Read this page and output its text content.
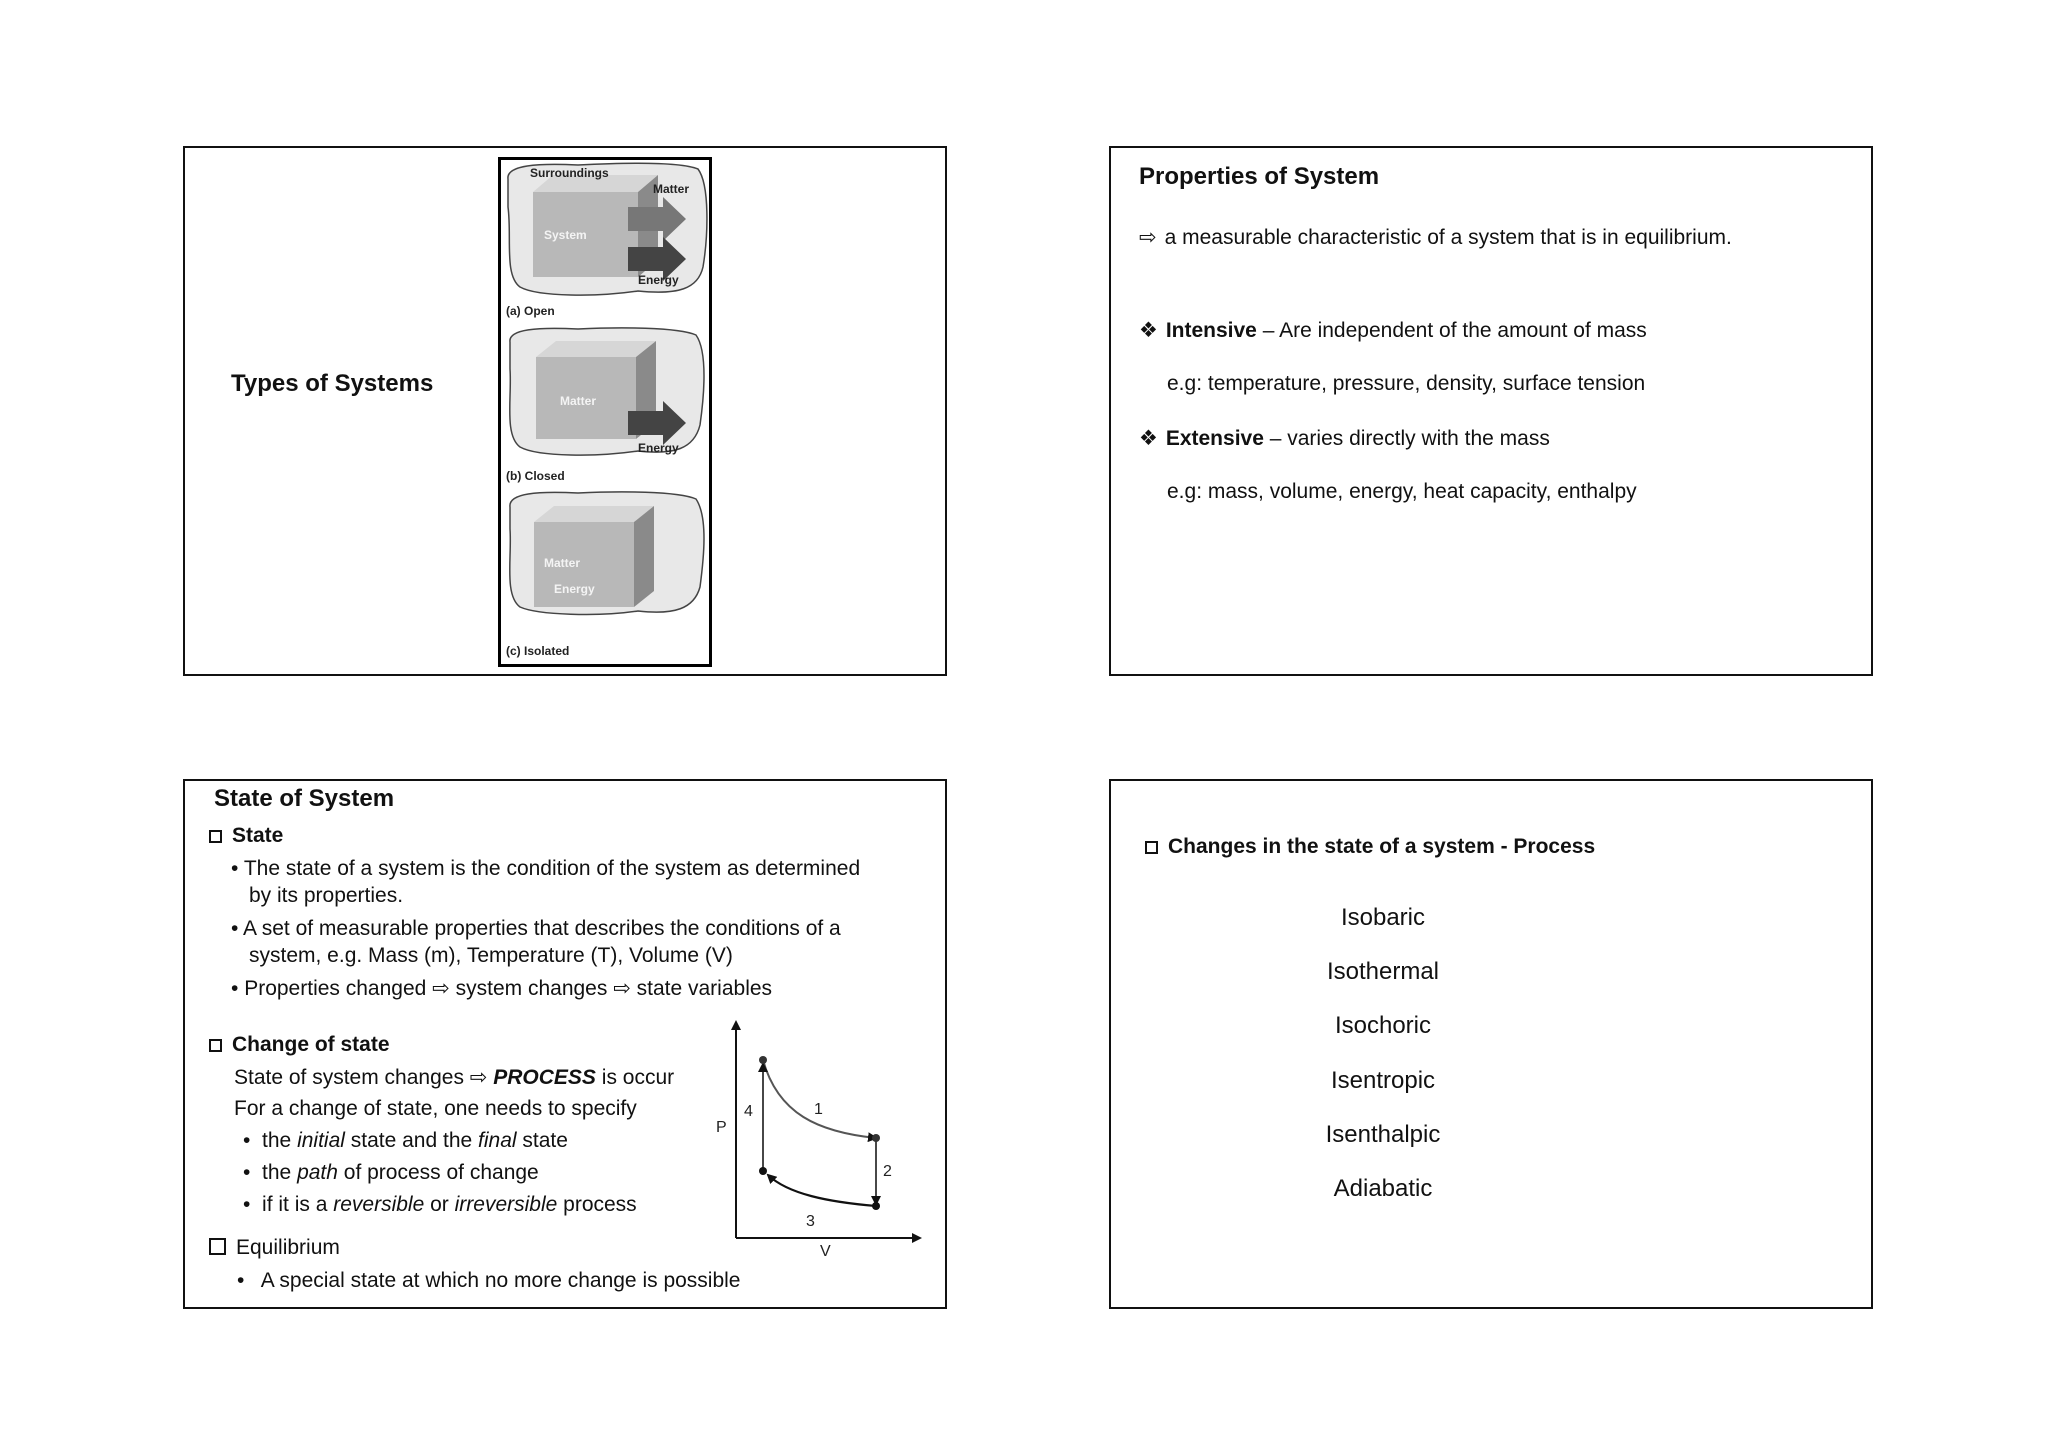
Types of Systems
Surroundings
Matter
System
Energy
(a) Open
Matter
Energy
(b) Closed
Matter
Energy
(c) Isolated
Properties of System
⇨ a measurable characteristic of a system that is in equilibrium.
❖ Intensive – Are independent of the amount of mass
e.g: temperature, pressure, density, surface tension
❖ Extensive – varies directly with the mass
e.g: mass, volume, energy, heat capacity, enthalpy
State of System
State
• The state of a system is the condition of the system as determined
by its properties.
• A set of measurable properties that describes the conditions of a
system, e.g. Mass (m), Temperature (T), Volume (V)
• Properties changed ⇨ system changes ⇨ state variables
Change of state
State of system changes ⇨ PROCESS is occur
For a change of state, one needs to specify
• the initial state and the final state
• the path of process of change
• if it is a reversible or irreversible process
Equilibrium
• A special state at which no more change is possible
P
V
1
2
3
4
Changes in the state of a system - Process
Isobaric
Isothermal
Isochoric
Isentropic
Isenthalpic
Adiabatic
